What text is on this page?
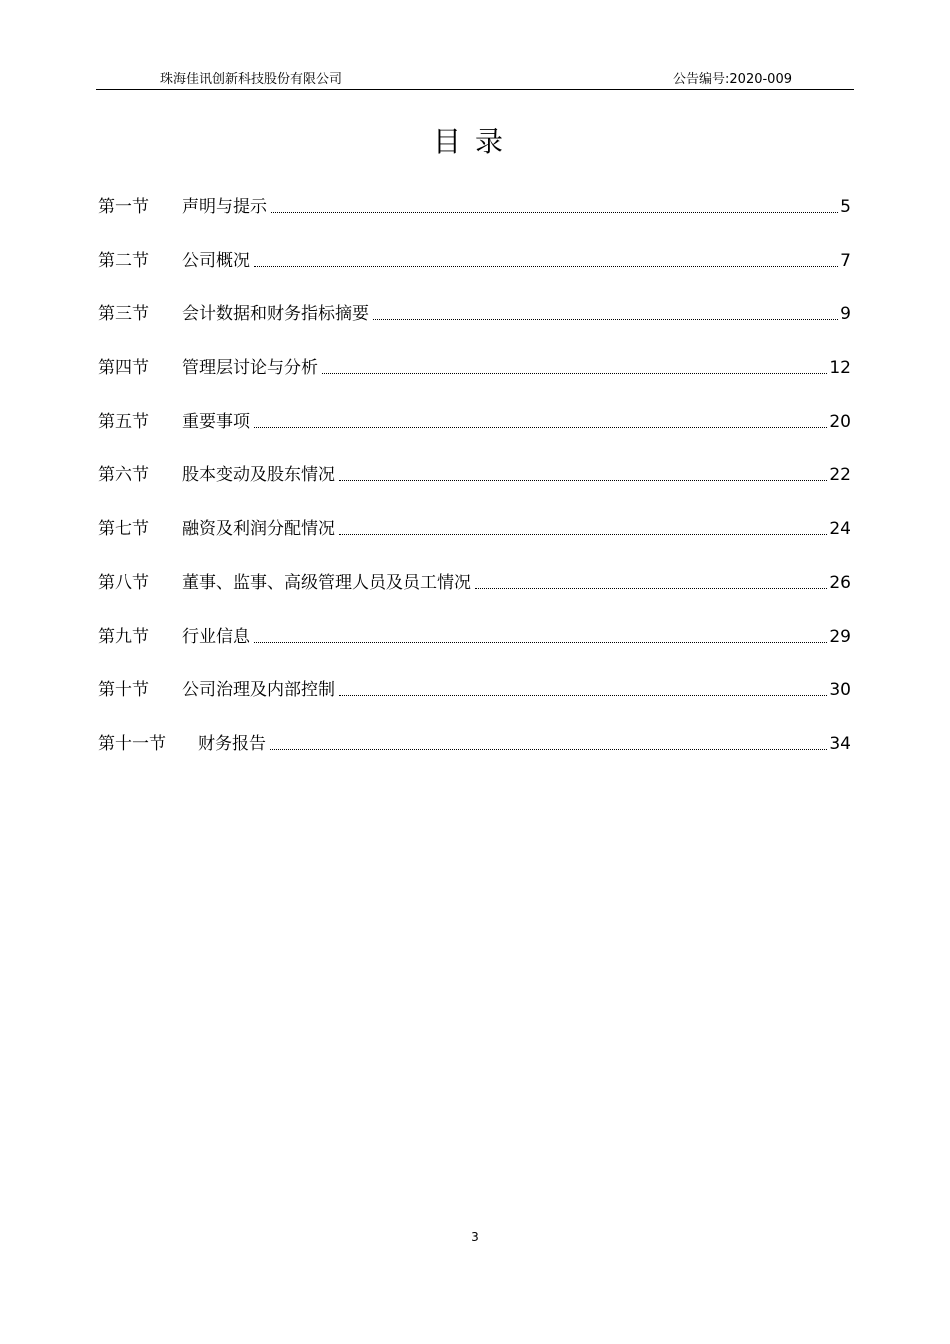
珠海佳讯创新科技股份有限公司	公告编号:2020-009
目录
第一节	声明与提示	5
第二节	公司概况	7
第三节	会计数据和财务指标摘要	9
第四节	管理层讨论与分析	12
第五节	重要事项	20
第六节	股本变动及股东情况	22
第七节	融资及利润分配情况	24
第八节	董事、监事、高级管理人员及员工情况	26
第九节	行业信息	29
第十节	公司治理及内部控制	30
第十一节	财务报告	34
3
